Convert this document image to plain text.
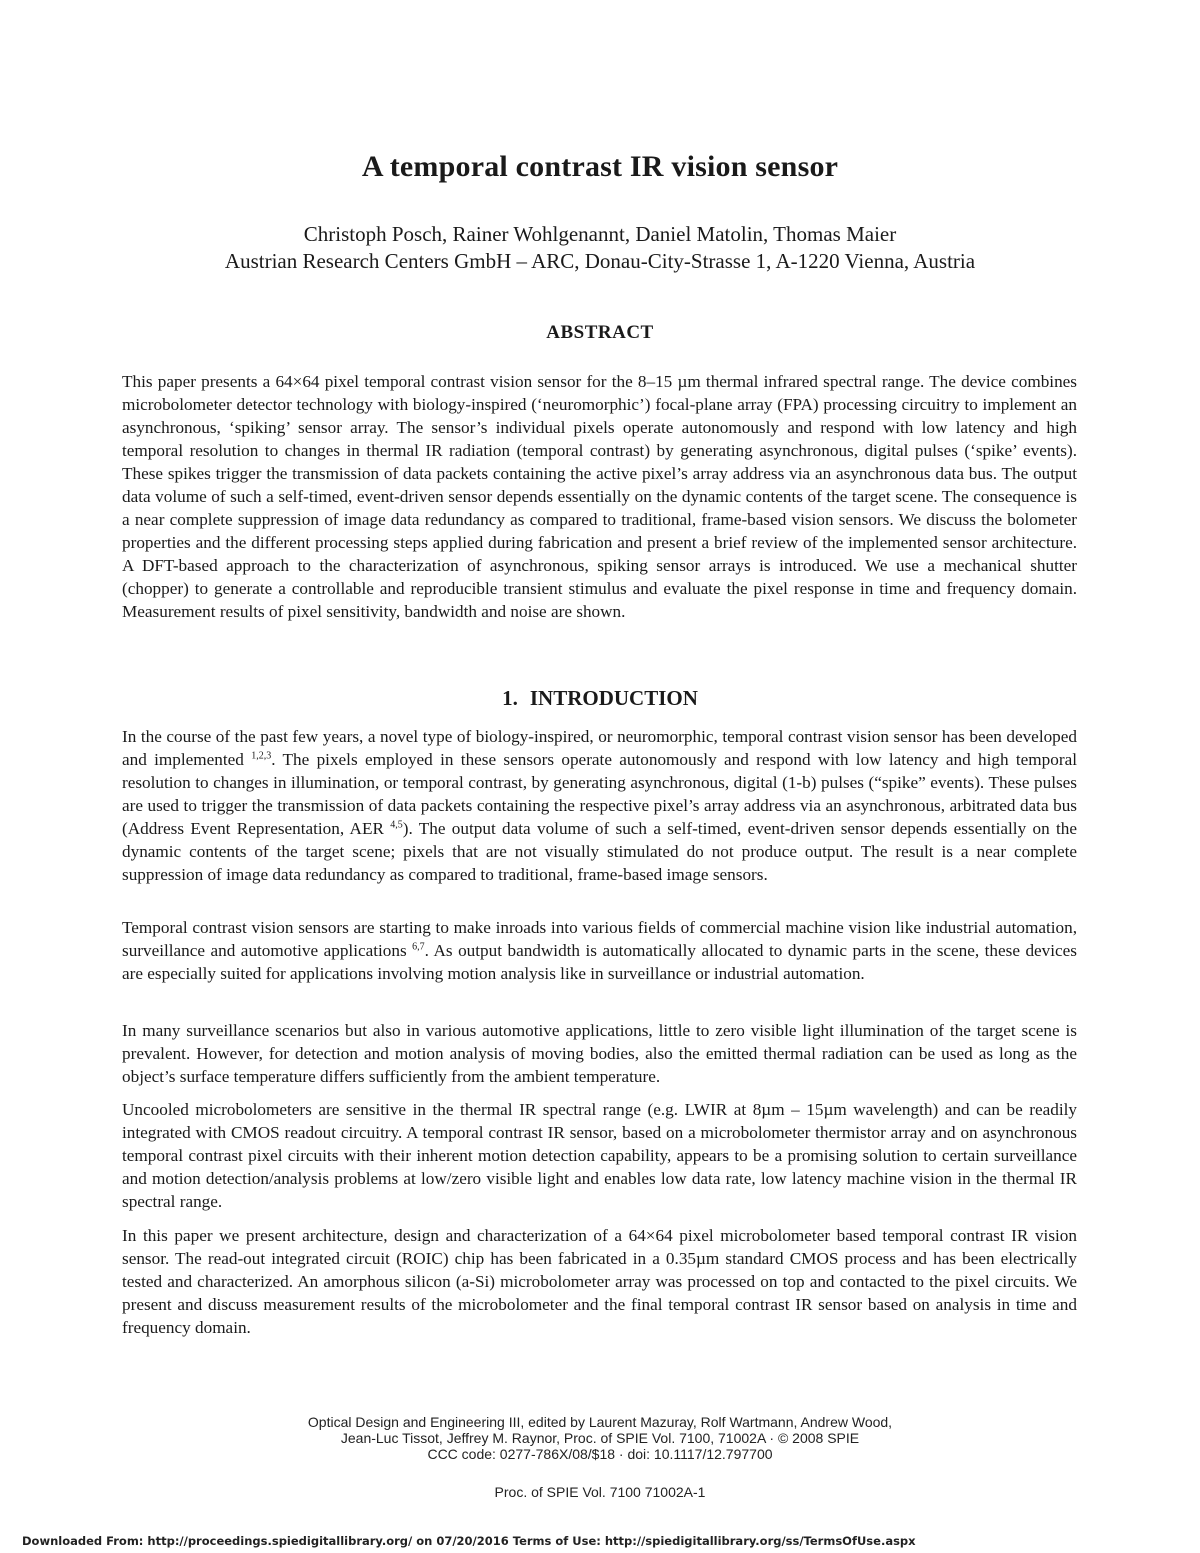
A temporal contrast IR vision sensor
Christoph Posch, Rainer Wohlgenannt, Daniel Matolin, Thomas Maier
Austrian Research Centers GmbH – ARC, Donau-City-Strasse 1, A-1220 Vienna, Austria
ABSTRACT

This paper presents a 64×64 pixel temporal contrast vision sensor for the 8–15 µm thermal infrared spectral range. The device combines microbolometer detector technology with biology-inspired (‘neuromorphic’) focal-plane array (FPA) processing circuitry to implement an asynchronous, ‘spiking’ sensor array. The sensor’s individual pixels operate autonomously and respond with low latency and high temporal resolution to changes in thermal IR radiation (temporal contrast) by generating asynchronous, digital pulses (‘spike’ events). These spikes trigger the transmission of data packets containing the active pixel’s array address via an asynchronous data bus. The output data volume of such a self-timed, event-driven sensor depends essentially on the dynamic contents of the target scene. The consequence is a near complete suppression of image data redundancy as compared to traditional, frame-based vision sensors. We discuss the bolometer properties and the different processing steps applied during fabrication and present a brief review of the implemented sensor architecture. A DFT-based approach to the characterization of asynchronous, spiking sensor arrays is introduced. We use a mechanical shutter (chopper) to generate a controllable and reproducible transient stimulus and evaluate the pixel response in time and frequency domain. Measurement results of pixel sensitivity, bandwidth and noise are shown.

1. INTRODUCTION

In the course of the past few years, a novel type of biology-inspired, or neuromorphic, temporal contrast vision sensor has been developed and implemented $^{1,2,3}$. The pixels employed in these sensors operate autonomously and respond with low latency and high temporal resolution to changes in illumination, or temporal contrast, by generating asynchronous, digital (1-b) pulses (“spike” events). These pulses are used to trigger the transmission of data packets containing the respective pixel’s array address via an asynchronous, arbitrated data bus (Address Event Representation, AER $^{4,5}$). The output data volume of such a self-timed, event-driven sensor depends essentially on the dynamic contents of the target scene; pixels that are not visually stimulated do not produce output. The result is a near complete suppression of image data redundancy as compared to traditional, frame-based image sensors.

Temporal contrast vision sensors are starting to make inroads into various fields of commercial machine vision like industrial automation, surveillance and automotive applications $^{6,7}$. As output bandwidth is automatically allocated to dynamic parts in the scene, these devices are especially suited for applications involving motion analysis like in surveillance or industrial automation.

In many surveillance scenarios but also in various automotive applications, little to zero visible light illumination of the target scene is prevalent. However, for detection and motion analysis of moving bodies, also the emitted thermal radiation can be used as long as the object’s surface temperature differs sufficiently from the ambient temperature.

Uncooled microbolometers are sensitive in the thermal IR spectral range (e.g. LWIR at 8µm – 15µm wavelength) and can be readily integrated with CMOS readout circuitry. A temporal contrast IR sensor, based on a microbolometer thermistor array and on asynchronous temporal contrast pixel circuits with their inherent motion detection capability, appears to be a promising solution to certain surveillance and motion detection/analysis problems at low/zero visible light and enables low data rate, low latency machine vision in the thermal IR spectral range.

In this paper we present architecture, design and characterization of a 64×64 pixel microbolometer based temporal contrast IR vision sensor. The read-out integrated circuit (ROIC) chip has been fabricated in a 0.35µm standard CMOS process and has been electrically tested and characterized. An amorphous silicon (a-Si) microbolometer array was processed on top and contacted to the pixel circuits. We present and discuss measurement results of the microbolometer and the final temporal contrast IR sensor based on analysis in time and frequency domain.

Optical Design and Engineering III, edited by Laurent Mazuray, Rolf Wartmann, Andrew Wood,
Jean-Luc Tissot, Jeffrey M. Raynor, Proc. of SPIE Vol. 7100, 71002A · © 2008 SPIE
CCC code: 0277-786X/08/$18 · doi: 10.1117/12.797700
Proc. of SPIE Vol. 7100 71002A-1
Downloaded From: http://proceedings.spiedigitallibrary.org/ on 07/20/2016 Terms of Use: http://spiedigitallibrary.org/ss/TermsOfUse.aspx
